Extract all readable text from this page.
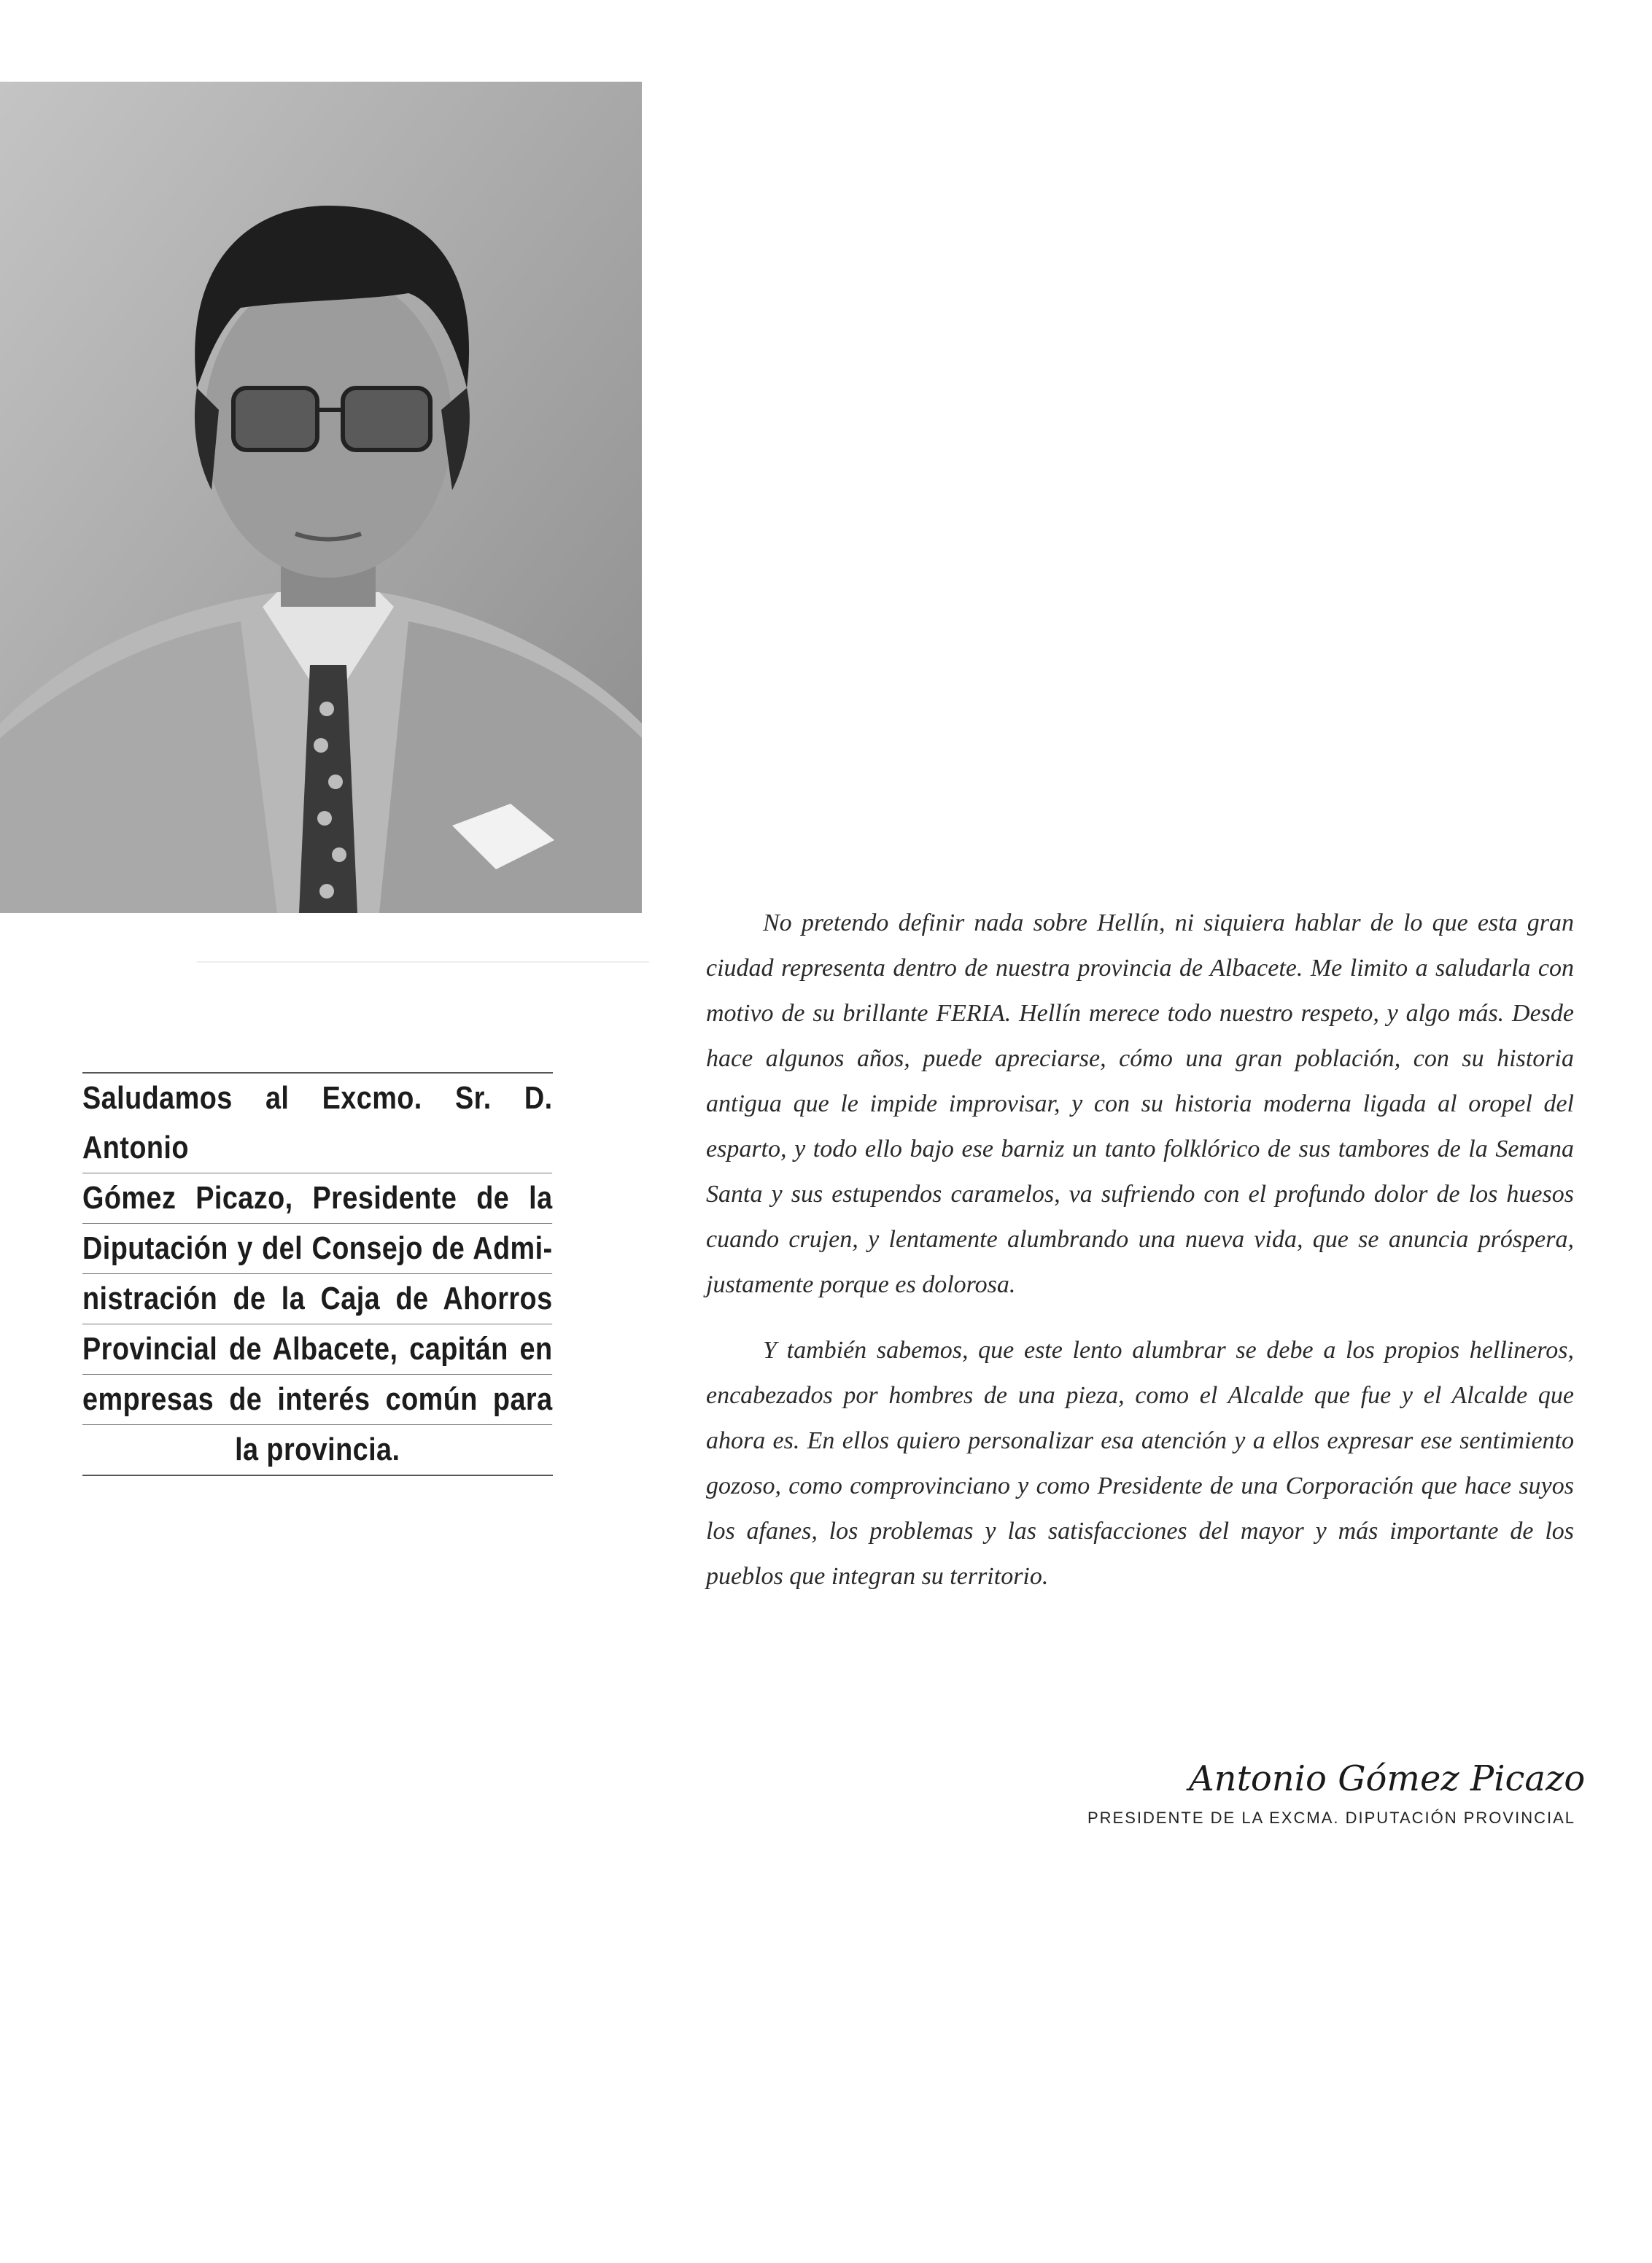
Saludamos al Excmo. Sr. D. Antonio
Gómez Picazo, Presidente de la
Diputación y del Consejo de Admi-
nistración de la Caja de Ahorros
Provincial de Albacete, capitán en
empresas de interés común para
la provincia.

No pretendo definir nada sobre Hellín, ni siquiera hablar de lo que esta gran ciudad representa dentro de nuestra provincia de Albacete. Me limito a saludarla con motivo de su brillante FERIA. Hellín merece todo nuestro respeto, y algo más. Desde hace algunos años, puede apreciarse, cómo una gran población, con su historia antigua que le impide improvisar, y con su historia moderna ligada al oropel del esparto, y todo ello bajo ese barniz un tanto folklórico de sus tambores de la Semana Santa y sus estupendos caramelos, va sufriendo con el profundo dolor de los huesos cuando crujen, y lentamente alumbrando una nueva vida, que se anuncia próspera, justamente porque es dolorosa.

Y también sabemos, que este lento alumbrar se debe a los propios hellineros, encabezados por hombres de una pieza, como el Alcalde que fue y el Alcalde que ahora es. En ellos quiero personalizar esa atención y a ellos expresar ese sentimiento gozoso, como comprovinciano y como Presidente de una Corporación que hace suyos los afanes, los problemas y las satisfacciones del mayor y más importante de los pueblos que integran su territorio.

Antonio Gómez Picazo
PRESIDENTE DE LA EXCMA. DIPUTACIÓN PROVINCIAL
